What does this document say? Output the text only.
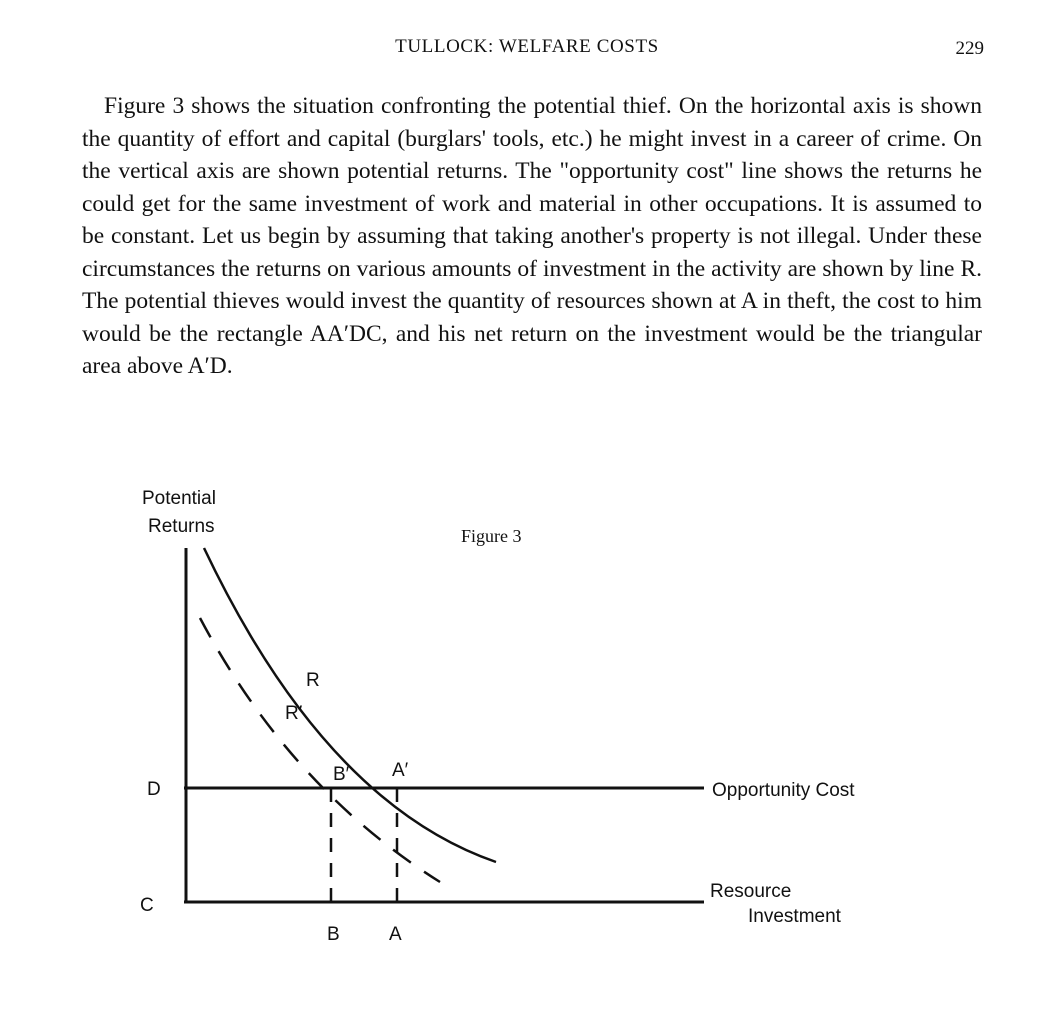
TULLOCK: WELFARE COSTS	229

Figure 3 shows the situation confronting the potential thief. On the horizontal axis is shown the quantity of effort and capital (burglars' tools, etc.) he might invest in a career of crime. On the vertical axis are shown potential returns. The "opportunity cost" line shows the returns he could get for the same investment of work and material in other occupations. It is assumed to be constant. Let us begin by assuming that taking another's property is not illegal. Under these circumstances the returns on various amounts of investment in the activity are shown by line R. The potential thieves would invest the quantity of resources shown at A in theft, the cost to him would be the rectangle AA′DC, and his net return on the investment would be the triangular area above A′D.

Potential
Returns	Figure 3
R
R′
B′ A′
D
C
B	A
Opportunity Cost
Resource
Investment
